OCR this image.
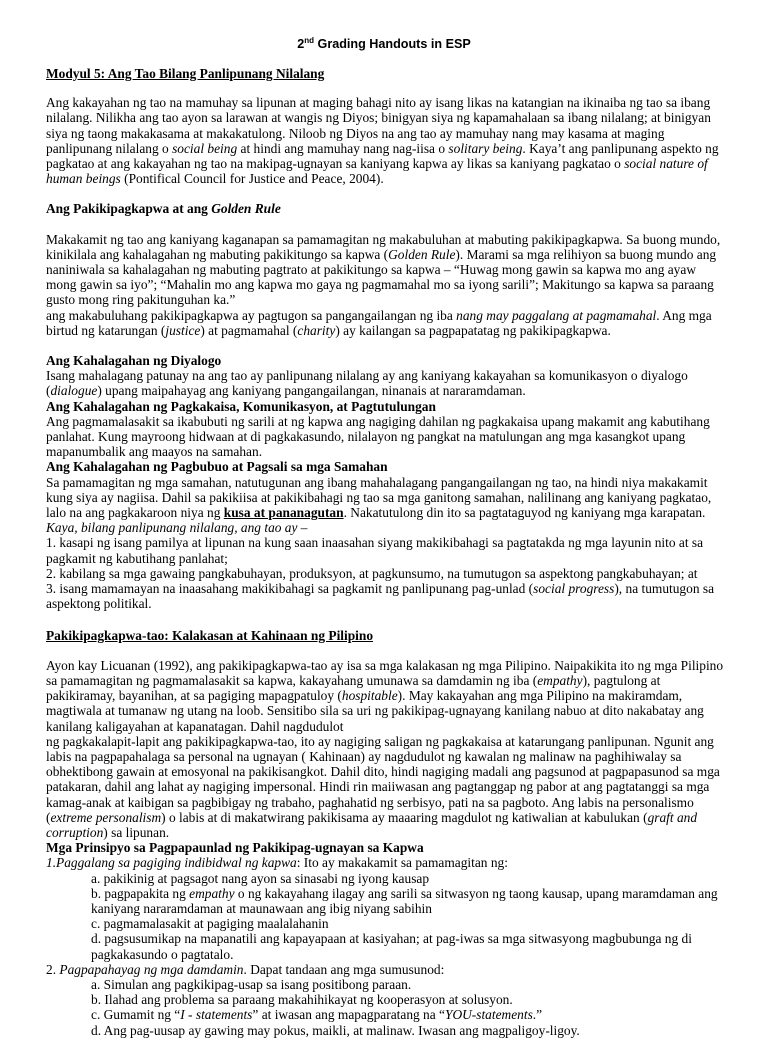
2nd Grading Handouts in ESP

Modyul 5: Ang Tao Bilang Panlipunang Nilalang

Ang kakayahan ng tao na mamuhay sa lipunan at maging bahagi nito ay isang likas na katangian na ikinaiba ng tao sa ibang nilalang. Nilikha ang tao ayon sa larawan at wangis ng Diyos; binigyan siya ng kapamahalaan sa ibang nilalang; at binigyan siya ng taong makakasama at makakatulong. Niloob ng Diyos na ang tao ay mamuhay nang may kasama at maging panlipunang nilalang o social being at hindi ang mamuhay nang nag-iisa o solitary being. Kaya’t ang panlipunang aspekto ng pagkatao at ang kakayahan ng tao na makipag-ugnayan sa kaniyang kapwa ay likas sa kaniyang pagkatao o social nature of human beings (Pontifical Council for Justice and Peace, 2004).

Ang Pakikipagkapwa at ang Golden Rule

Makakamit ng tao ang kaniyang kaganapan sa pamamagitan ng makabuluhan at mabuting pakikipagkapwa. Sa buong mundo, kinikilala ang kahalagahan ng mabuting pakikitungo sa kapwa (Golden Rule). Marami sa mga relihiyon sa buong mundo ang naniniwala sa kahalagahan ng mabuting pagtrato at pakikitungo sa kapwa – “Huwag mong gawin sa kapwa mo ang ayaw mong gawin sa iyo”; “Mahalin mo ang kapwa mo gaya ng pagmamahal mo sa iyong sarili”; Makitungo sa kapwa sa paraang gusto mong ring pakitunguhan ka.”

ang makabuluhang pakikipagkapwa ay pagtugon sa pangangailangan ng iba nang may paggalang at pagmamahal. Ang mga birtud ng katarungan (justice) at pagmamahal (charity) ay kailangan sa pagpapatatag ng pakikipagkapwa.

Ang Kahalagahan ng Diyalogo

Isang mahalagang patunay na ang tao ay panlipunang nilalang ay ang kaniyang kakayahan sa komunikasyon o diyalogo (dialogue) upang maipahayag ang kaniyang pangangailangan, ninanais at nararamdaman.

Ang Kahalagahan ng Pagkakaisa, Komunikasyon, at Pagtutulungan

Ang pagmamalasakit sa ikabubuti ng sarili at ng kapwa ang nagiging dahilan ng pagkakaisa upang makamit ang kabutihang panlahat. Kung mayroong hidwaan at di pagkakasundo, nilalayon ng pangkat na matulungan ang mga kasangkot upang mapanumbalik ang maayos na samahan.

Ang Kahalagahan ng Pagbubuo at Pagsali sa mga Samahan

Sa pamamagitan ng mga samahan, natutugunan ang ibang mahahalagang pangangailangan ng tao, na hindi niya makakamit kung siya ay nagiisa. Dahil sa pakikiisa at pakikibahagi ng tao sa mga ganitong samahan, nalilinang ang kaniyang pagkatao, lalo na ang pagkakaroon niya ng kusa at pananagutan. Nakatutulong din ito sa pagtataguyod ng kaniyang mga karapatan.

Kaya, bilang panlipunang nilalang, ang tao ay –

1. kasapi ng isang pamilya at lipunan na kung saan inaasahan siyang makikibahagi sa pagtatakda ng mga layunin nito at sa pagkamit ng kabutihang panlahat;

2. kabilang sa mga gawaing pangkabuhayan, produksyon, at pagkunsumo, na tumutugon sa aspektong pangkabuhayan; at

3. isang mamamayan na inaasahang makikibahagi sa pagkamit ng panlipunang pag-unlad (social progress), na tumutugon sa aspektong politikal.

Pakikipagkapwa-tao: Kalakasan at Kahinaan ng Pilipino

Ayon kay Licuanan (1992), ang pakikipagkapwa-tao ay isa sa mga kalakasan ng mga Pilipino. Naipakikita ito ng mga Pilipino sa pamamagitan ng pagmamalasakit sa kapwa, kakayahang umunawa sa damdamin ng iba (empathy), pagtulong at pakikiramay, bayanihan, at sa pagiging mapagpatuloy (hospitable). May kakayahan ang mga Pilipino na makiramdam, magtiwala at tumanaw ng utang na loob. Sensitibo sila sa uri ng pakikipag-ugnayang kanilang nabuo at dito nakabatay ang kanilang kaligayahan at kapanatagan. Dahil nagdudulot

ng pagkakalapit-lapit ang pakikipagkapwa-tao, ito ay nagiging saligan ng pagkakaisa at katarungang panlipunan. Ngunit ang labis na pagpapahalaga sa personal na ugnayan ( Kahinaan) ay nagdudulot ng kawalan ng malinaw na paghihiwalay sa obhektibong gawain at emosyonal na pakikisangkot. Dahil dito, hindi nagiging madali ang pagsunod at pagpapasunod sa mga patakaran, dahil ang lahat ay nagiging impersonal. Hindi rin maiiwasan ang pagtanggap ng pabor at ang pagtatanggi sa mga kamag-anak at kaibigan sa pagbibigay ng trabaho, paghahatid ng serbisyo, pati na sa pagboto. Ang labis na personalismo (extreme personalism) o labis at di makatwirang pakikisama ay maaaring magdulot ng katiwalian at kabulukan (graft and corruption) sa lipunan.

Mga Prinsipyo sa Pagpapaunlad ng Pakikipag-ugnayan sa Kapwa

1.Paggalang sa pagiging indibidwal ng kapwa: Ito ay makakamit sa pamamagitan ng:

a. pakikinig at pagsagot nang ayon sa sinasabi ng iyong kausap

b. pagpapakita ng empathy o ng kakayahang ilagay ang sarili sa sitwasyon ng taong kausap, upang maramdaman ang kaniyang nararamdaman at maunawaan ang ibig niyang sabihin

c. pagmamalasakit at pagiging maalalahanin

d. pagsusumikap na mapanatili ang kapayapaan at kasiyahan; at pag-iwas sa mga sitwasyong magbubunga ng di pagkakasundo o pagtatalo.

2. Pagpapahayag ng mga damdamin. Dapat tandaan ang mga sumusunod:

a. Simulan ang pagkikipag-usap sa isang positibong paraan.

b. Ilahad ang problema sa paraang makahihikayat ng kooperasyon at solusyon.

c. Gumamit ng “I - statements” at iwasan ang mapagparatang na “YOU-statements.”

d. Ang pag-uusap ay gawing may pokus, maikli, at malinaw. Iwasan ang magpaligoy-ligoy.
